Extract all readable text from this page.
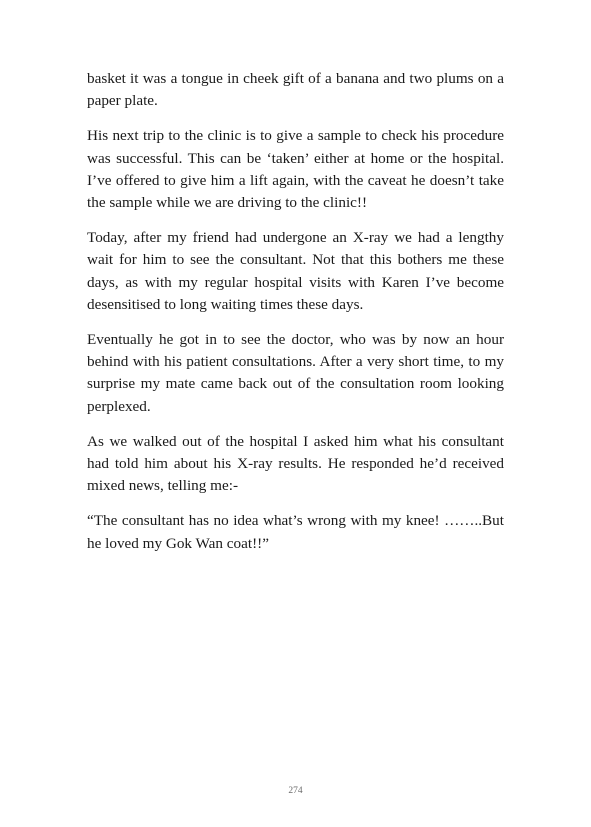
basket it was a tongue in cheek gift of a banana and two plums on a paper plate.

His next trip to the clinic is to give a sample to check his procedure was successful. This can be ‘taken’ either at home or the hospital. I’ve offered to give him a lift again, with the caveat he doesn’t take the sample while we are driving to the clinic!!

Today, after my friend had undergone an X-ray we had a lengthy wait for him to see the consultant. Not that this bothers me these days, as with my regular hospital visits with Karen I’ve become desensitised to long waiting times these days.

Eventually he got in to see the doctor, who was by now an hour behind with his patient consultations. After a very short time, to my surprise my mate came back out of the consultation room looking perplexed.

As we walked out of the hospital I asked him what his consultant had told him about his X-ray results. He responded he’d received mixed news, telling me:-

“The consultant has no idea what’s wrong with my knee! ……..But he loved my Gok Wan coat!!”

274
